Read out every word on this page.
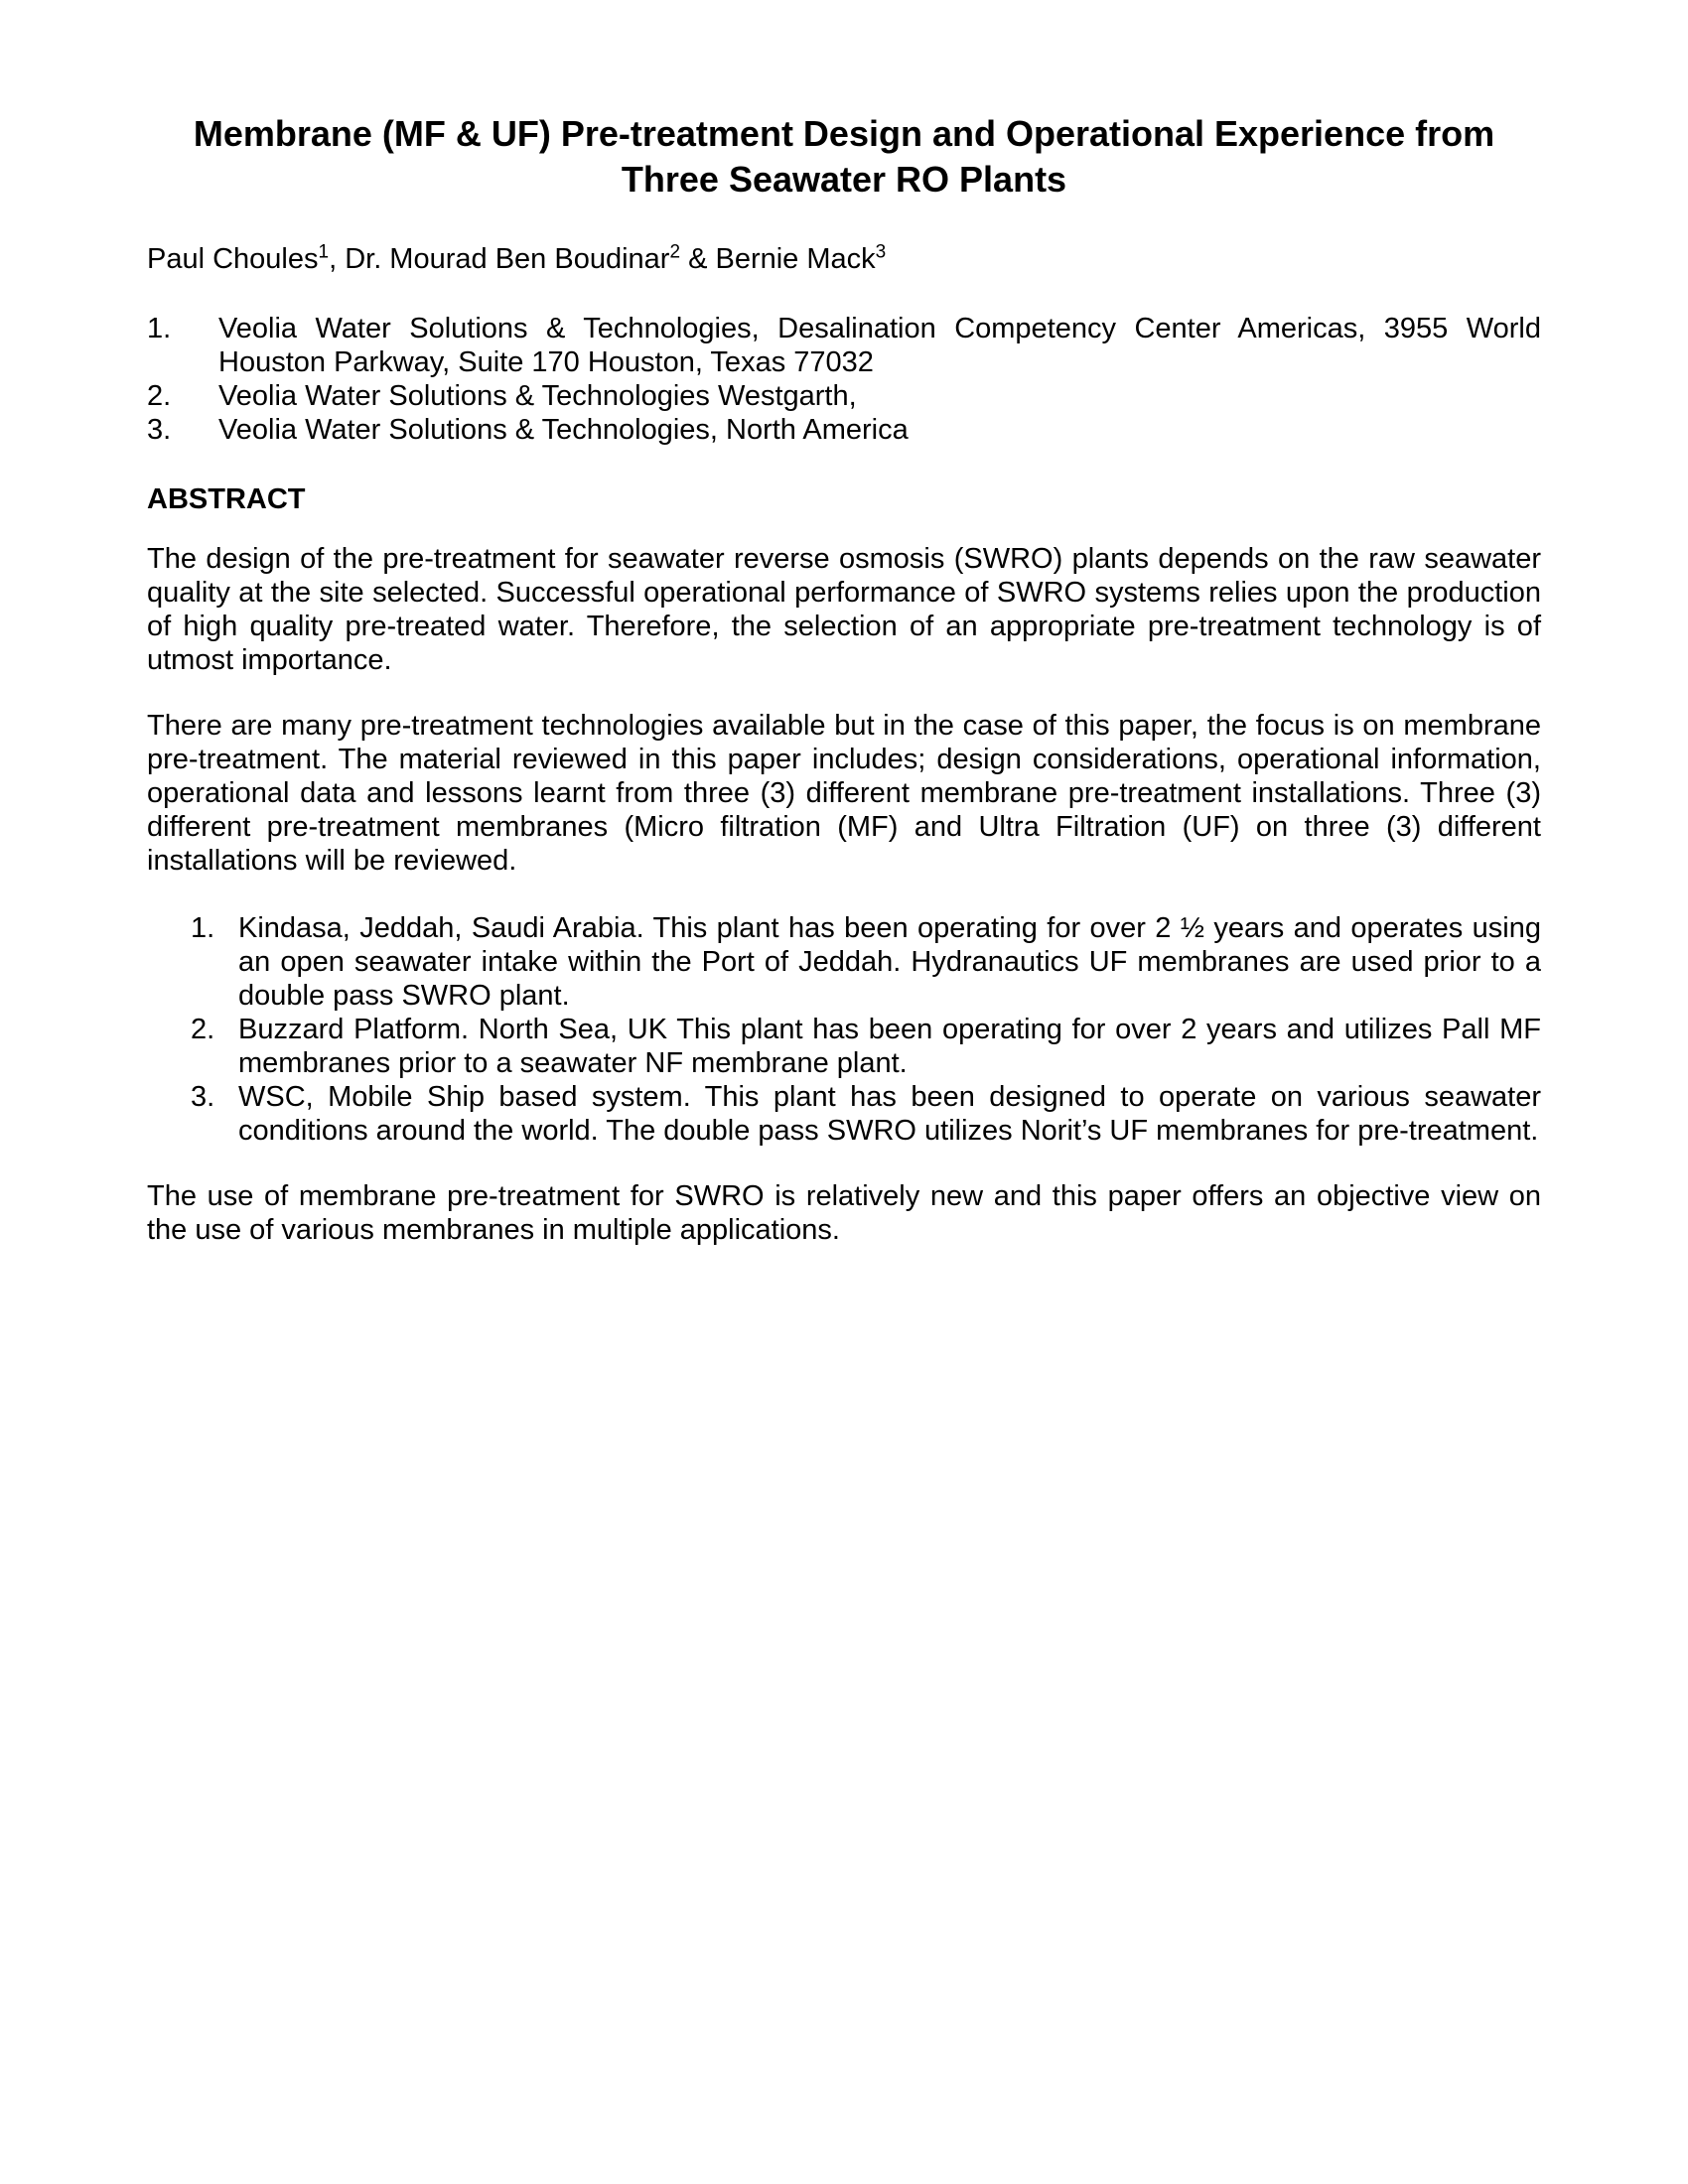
Membrane (MF & UF) Pre-treatment Design and Operational Experience from
Three Seawater RO Plants
Paul Choules$^1$, Dr. Mourad Ben Boudinar$^2$ & Bernie Mack$^3$
1.	Veolia Water Solutions & Technologies, Desalination Competency Center Americas, 3955 World Houston Parkway, Suite 170 Houston, Texas 77032
2.	Veolia Water Solutions & Technologies Westgarth,
3.	Veolia Water Solutions & Technologies, North America
ABSTRACT
The design of the pre-treatment for seawater reverse osmosis (SWRO) plants depends on the raw seawater quality at the site selected. Successful operational performance of SWRO systems relies upon the production of high quality pre-treated water. Therefore, the selection of an appropriate pre-treatment technology is of utmost importance.
There are many pre-treatment technologies available but in the case of this paper, the focus is on membrane pre-treatment. The material reviewed in this paper includes; design considerations, operational information, operational data and lessons learnt from three (3) different membrane pre-treatment installations. Three (3) different pre-treatment membranes (Micro filtration (MF) and Ultra Filtration (UF) on three (3) different installations will be reviewed.
1. Kindasa, Jeddah, Saudi Arabia. This plant has been operating for over 2 ½ years and operates using an open seawater intake within the Port of Jeddah. Hydranautics UF membranes are used prior to a double pass SWRO plant.
2. Buzzard Platform. North Sea, UK This plant has been operating for over 2 years and utilizes Pall MF membranes prior to a seawater NF membrane plant.
3. WSC, Mobile Ship based system. This plant has been designed to operate on various seawater conditions around the world. The double pass SWRO utilizes Norit’s UF membranes for pre-treatment.
The use of membrane pre-treatment for SWRO is relatively new and this paper offers an objective view on the use of various membranes in multiple applications.
